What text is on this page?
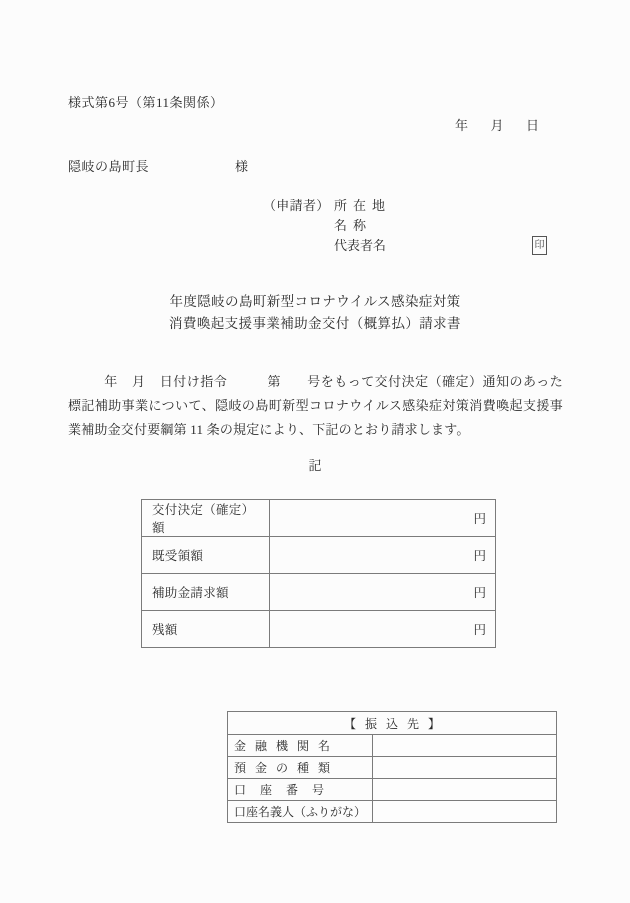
様式第6号（第11条関係）
年 月 日
隠岐の島町長	様
（申請者） 所在地
名称
代表者名	印
年度隠岐の島町新型コロナウイルス感染症対策
消費喚起支援事業補助金交付（概算払）請求書
年 月 日付け指令	第 号をもって交付決定（確定）通知のあった標記補助事業について、隠岐の島町新型コロナウイルス感染症対策消費喚起支援事業補助金交付要綱第 11 条の規定により、下記のとおり請求します。
記
交付決定（確定）額	円
既受領額	円
補助金請求額	円
残額	円
【 振 込 先 】	
金融機関名	
預金の種類	
口座番号	
口座名義人（ふりがな）	
